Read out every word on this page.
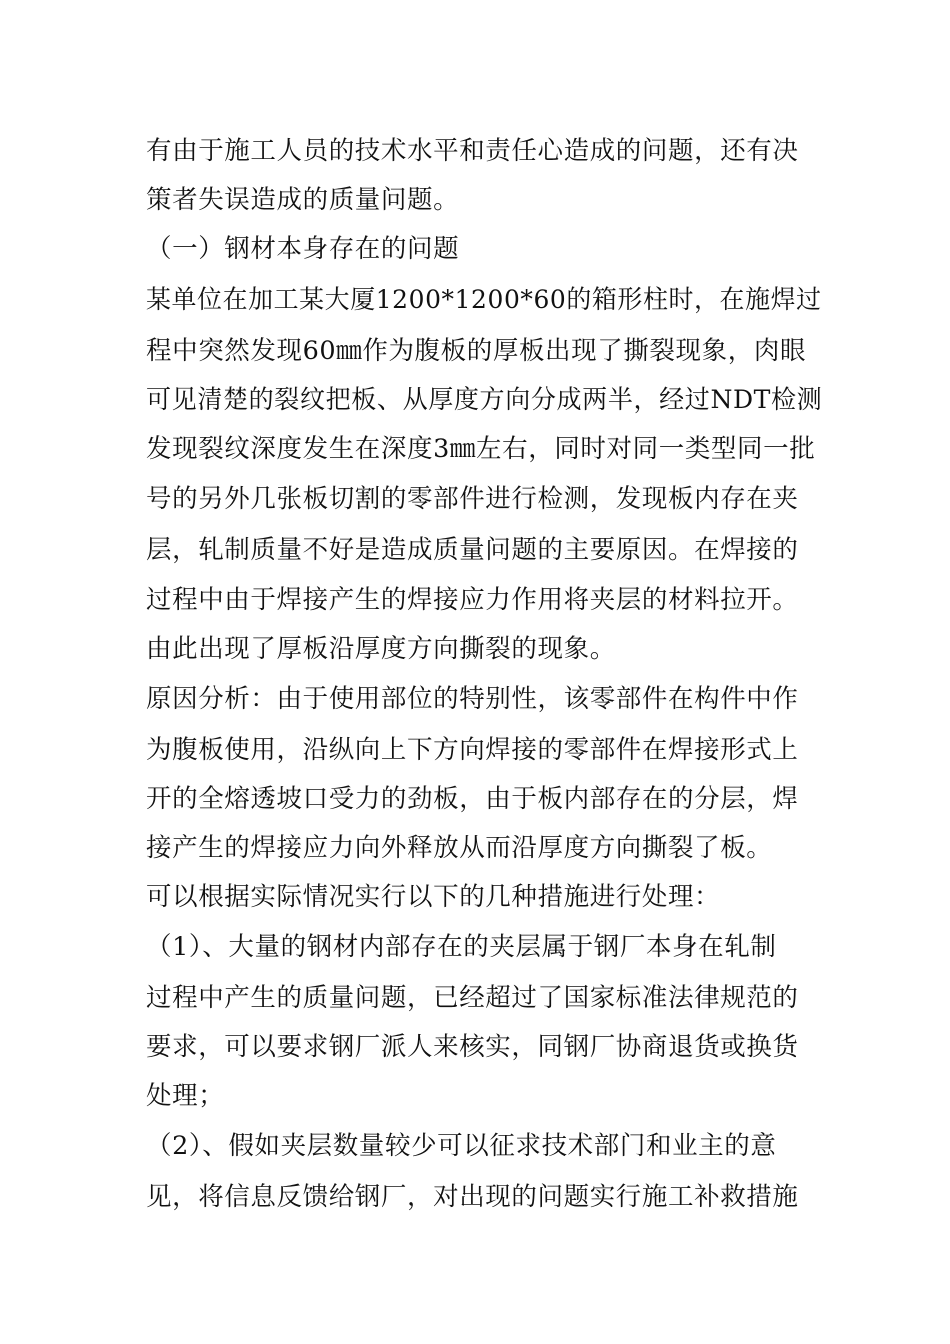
有由于施工人员的技术水平和责任心造成的问题，还有决
策者失误造成的质量问题。
（一）钢材本身存在的问题
某单位在加工某大厦1200*1200*60的箱形柱时，在施焊过
程中突然发现60㎜作为腹板的厚板出现了撕裂现象，肉眼
可见清楚的裂纹把板、从厚度方向分成两半，经过NDT检测
发现裂纹深度发生在深度3㎜左右，同时对同一类型同一批
号的另外几张板切割的零部件进行检测，发现板内存在夹
层，轧制质量不好是造成质量问题的主要原因。在焊接的
过程中由于焊接产生的焊接应力作用将夹层的材料拉开。
由此出现了厚板沿厚度方向撕裂的现象。
原因分析：由于使用部位的特别性，该零部件在构件中作
为腹板使用，沿纵向上下方向焊接的零部件在焊接形式上
开的全熔透坡口受力的劲板，由于板内部存在的分层，焊
接产生的焊接应力向外释放从而沿厚度方向撕裂了板。
可以根据实际情况实行以下的几种措施进行处理：
（1）、大量的钢材内部存在的夹层属于钢厂本身在轧制
过程中产生的质量问题，已经超过了国家标准法律规范的
要求，可以要求钢厂派人来核实，同钢厂协商退货或换货
处理；
（2）、假如夹层数量较少可以征求技术部门和业主的意
见，将信息反馈给钢厂，对出现的问题实行施工补救措施
